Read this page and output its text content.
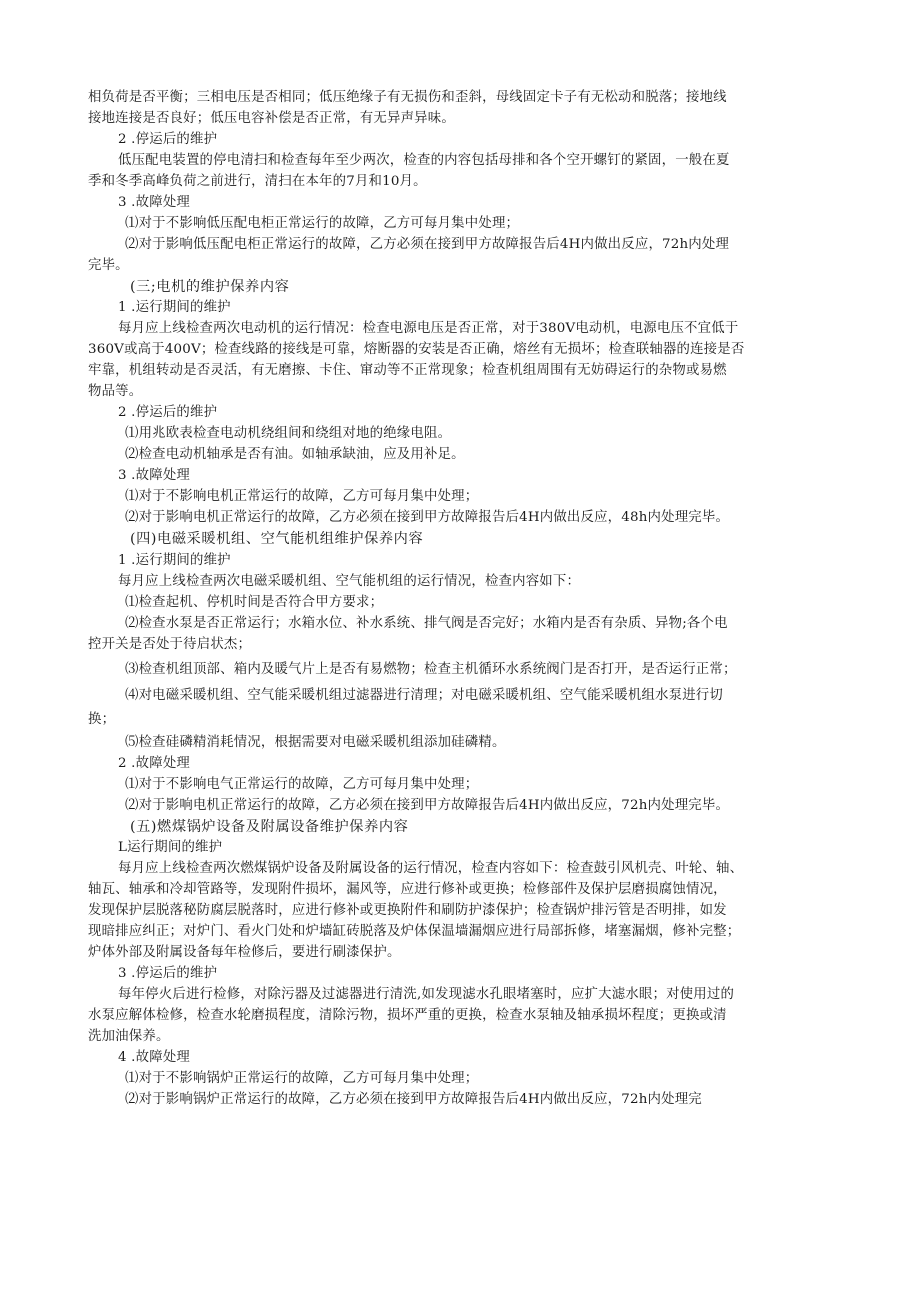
相负荷是否平衡；三相电压是否相同；低压绝缘子有无损伤和歪斜，母线固定卡子有无松动和脱落；接地线
接地连接是否良好；低压电容补偿是否正常，有无异声异味。
2 .停运后的维护
低压配电装置的停电清扫和检查每年至少两次，检查的内容包括母排和各个空开螺钉的紧固，一般在夏
季和冬季高峰负荷之前进行，清扫在本年的7月和10月。
3 .故障处理
⑴对于不影响低压配电柜正常运行的故障，乙方可每月集中处理；
⑵对于影响低压配电柜正常运行的故障，乙方必须在接到甲方故障报告后4H内做出反应，72h内处理
完毕。
(三;电机的维护保养内容
1 .运行期间的维护
每月应上线检查两次电动机的运行情况：检查电源电压是否正常，对于380V电动机，电源电压不宜低于
360V或高于400V；检查线路的接线是可靠，熔断器的安装是否正确，熔丝有无损坏；检查联轴器的连接是否
牢靠，机组转动是否灵活，有无磨擦、卡住、窜动等不正常现象；检查机组周围有无妨碍运行的杂物或易燃
物品等。
2 .停运后的维护
⑴用兆欧表检查电动机绕组间和绕组对地的绝缘电阻。
⑵检查电动机轴承是否有油。如轴承缺油，应及用补足。
3 .故障处理
⑴对于不影响电机正常运行的故障，乙方可每月集中处理；
⑵对于影响电机正常运行的故障，乙方必须在接到甲方故障报告后4H内做出反应，48h内处理完毕。
(四)电磁采暖机组、空气能机组维护保养内容
1 .运行期间的维护
每月应上线检查两次电磁采暖机组、空气能机组的运行情况，检查内容如下：
⑴检查起机、停机时间是否符合甲方要求；
⑵检查水泵是否正常运行；水箱水位、补水系统、排气阀是否完好；水箱内是否有杂质、异物;各个电
控开关是否处于待启状杰；
⑶检查机组顶部、箱内及暖气片上是否有易燃物；检查主机循环水系统阀门是否打开，是否运行正常；
⑷对电磁采暖机组、空气能采暖机组过滤器进行清理；对电磁采暖机组、空气能采暖机组水泵进行切
换；
⑸检查硅磷精消耗情况，根据需要对电磁采暖机组添加硅磷精。
2 .故障处理
⑴对于不影响电气正常运行的故障，乙方可每月集中处理；
⑵对于影响电机正常运行的故障，乙方必须在接到甲方故障报告后4H内做出反应，72h内处理完毕。
(五)燃煤锅炉设备及附属设备维护保养内容
L运行期间的维护
每月应上线检查两次燃煤锅炉设备及附属设备的运行情况，检查内容如下：检查鼓引风机壳、叶轮、轴、
轴瓦、轴承和冷却管路等，发现附件损坏，漏风等，应进行修补或更换；检修部件及保护层磨损腐蚀情况，
发现保护层脱落秘防腐层脱落时，应进行修补或更换附件和刷防护漆保护；检查锅炉排污管是否明排，如发
现暗排应纠正；对炉门、看火门处和炉墙缸砖脱落及炉体保温墙漏烟应进行局部拆修，堵塞漏烟，修补完整；
炉体外部及附属设备每年检修后，要进行刷漆保护。
3 .停运后的维护
每年停火后进行检修，对除污器及过滤器进行清洗,如发现滤水孔眼堵塞时，应扩大滤水眼；对使用过的
水泵应解体检修，检查水轮磨损程度，清除污物，损坏严重的更换，检查水泵轴及轴承损坏程度；更换或清
洗加油保养。
4 .故障处理
⑴对于不影响锅炉正常运行的故障，乙方可每月集中处理；
⑵对于影响锅炉正常运行的故障，乙方必须在接到甲方故障报告后4H内做出反应，72h内处理完
